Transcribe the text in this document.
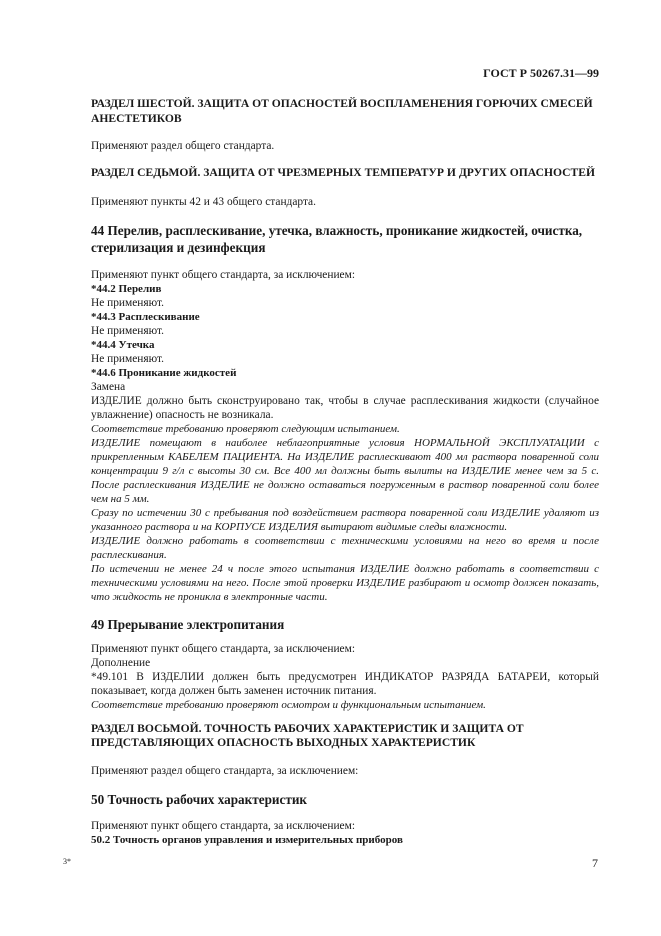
ГОСТ Р 50267.31—99

РАЗДЕЛ ШЕСТОЙ. ЗАЩИТА ОТ ОПАСНОСТЕЙ ВОСПЛАМЕНЕНИЯ ГОРЮЧИХ СМЕСЕЙ АНЕСТЕТИКОВ

Применяют раздел общего стандарта.

РАЗДЕЛ СЕДЬМОЙ. ЗАЩИТА ОТ ЧРЕЗМЕРНЫХ ТЕМПЕРАТУР И ДРУГИХ ОПАСНОСТЕЙ

Применяют пункты 42 и 43 общего стандарта.

44 Перелив, расплескивание, утечка, влажность, проникание жидкостей, очистка, стерилизация и дезинфекция

Применяют пункт общего стандарта, за исключением:

*44.2 Перелив

Не применяют.

*44.3 Расплескивание

Не применяют.

*44.4 Утечка

Не применяют.

*44.6 Проникание жидкостей

Замена

ИЗДЕЛИЕ должно быть сконструировано так, чтобы в случае расплескивания жидкости (случайное увлажнение) опасность не возникала.

Соответствие требованию проверяют следующим испытанием.

ИЗДЕЛИЕ помещают в наиболее неблагоприятные условия НОРМАЛЬНОЙ ЭКСПЛУАТАЦИИ с прикрепленным КАБЕЛЕМ ПАЦИЕНТА. На ИЗДЕЛИЕ расплескивают 400 мл раствора поваренной соли концентрации 9 г/л с высоты 30 см. Все 400 мл должны быть вылиты на ИЗДЕЛИЕ менее чем за 5 с. После расплескивания ИЗДЕЛИЕ не должно оставаться погруженным в раствор поваренной соли более чем на 5 мм.

Сразу по истечении 30 с пребывания под воздействием раствора поваренной соли ИЗДЕЛИЕ удаляют из указанного раствора и на КОРПУСЕ ИЗДЕЛИЯ вытирают видимые следы влажности.

ИЗДЕЛИЕ должно работать в соответствии с техническими условиями на него во время и после расплескивания.

По истечении не менее 24 ч после этого испытания ИЗДЕЛИЕ должно работать в соответствии с техническими условиями на него. После этой проверки ИЗДЕЛИЕ разбирают и осмотр должен показать, что жидкость не проникла в электронные части.

49 Прерывание электропитания

Применяют пункт общего стандарта, за исключением:

Дополнение

*49.101 В ИЗДЕЛИИ должен быть предусмотрен ИНДИКАТОР РАЗРЯДА БАТАРЕИ, который показывает, когда должен быть заменен источник питания.

Соответствие требованию проверяют осмотром и функциональным испытанием.

РАЗДЕЛ ВОСЬМОЙ. ТОЧНОСТЬ РАБОЧИХ ХАРАКТЕРИСТИК И ЗАЩИТА ОТ ПРЕДСТАВЛЯЮЩИХ ОПАСНОСТЬ ВЫХОДНЫХ ХАРАКТЕРИСТИК

Применяют раздел общего стандарта, за исключением:

50 Точность рабочих характеристик

Применяют пункт общего стандарта, за исключением:

50.2 Точность органов управления и измерительных приборов

3*	7
